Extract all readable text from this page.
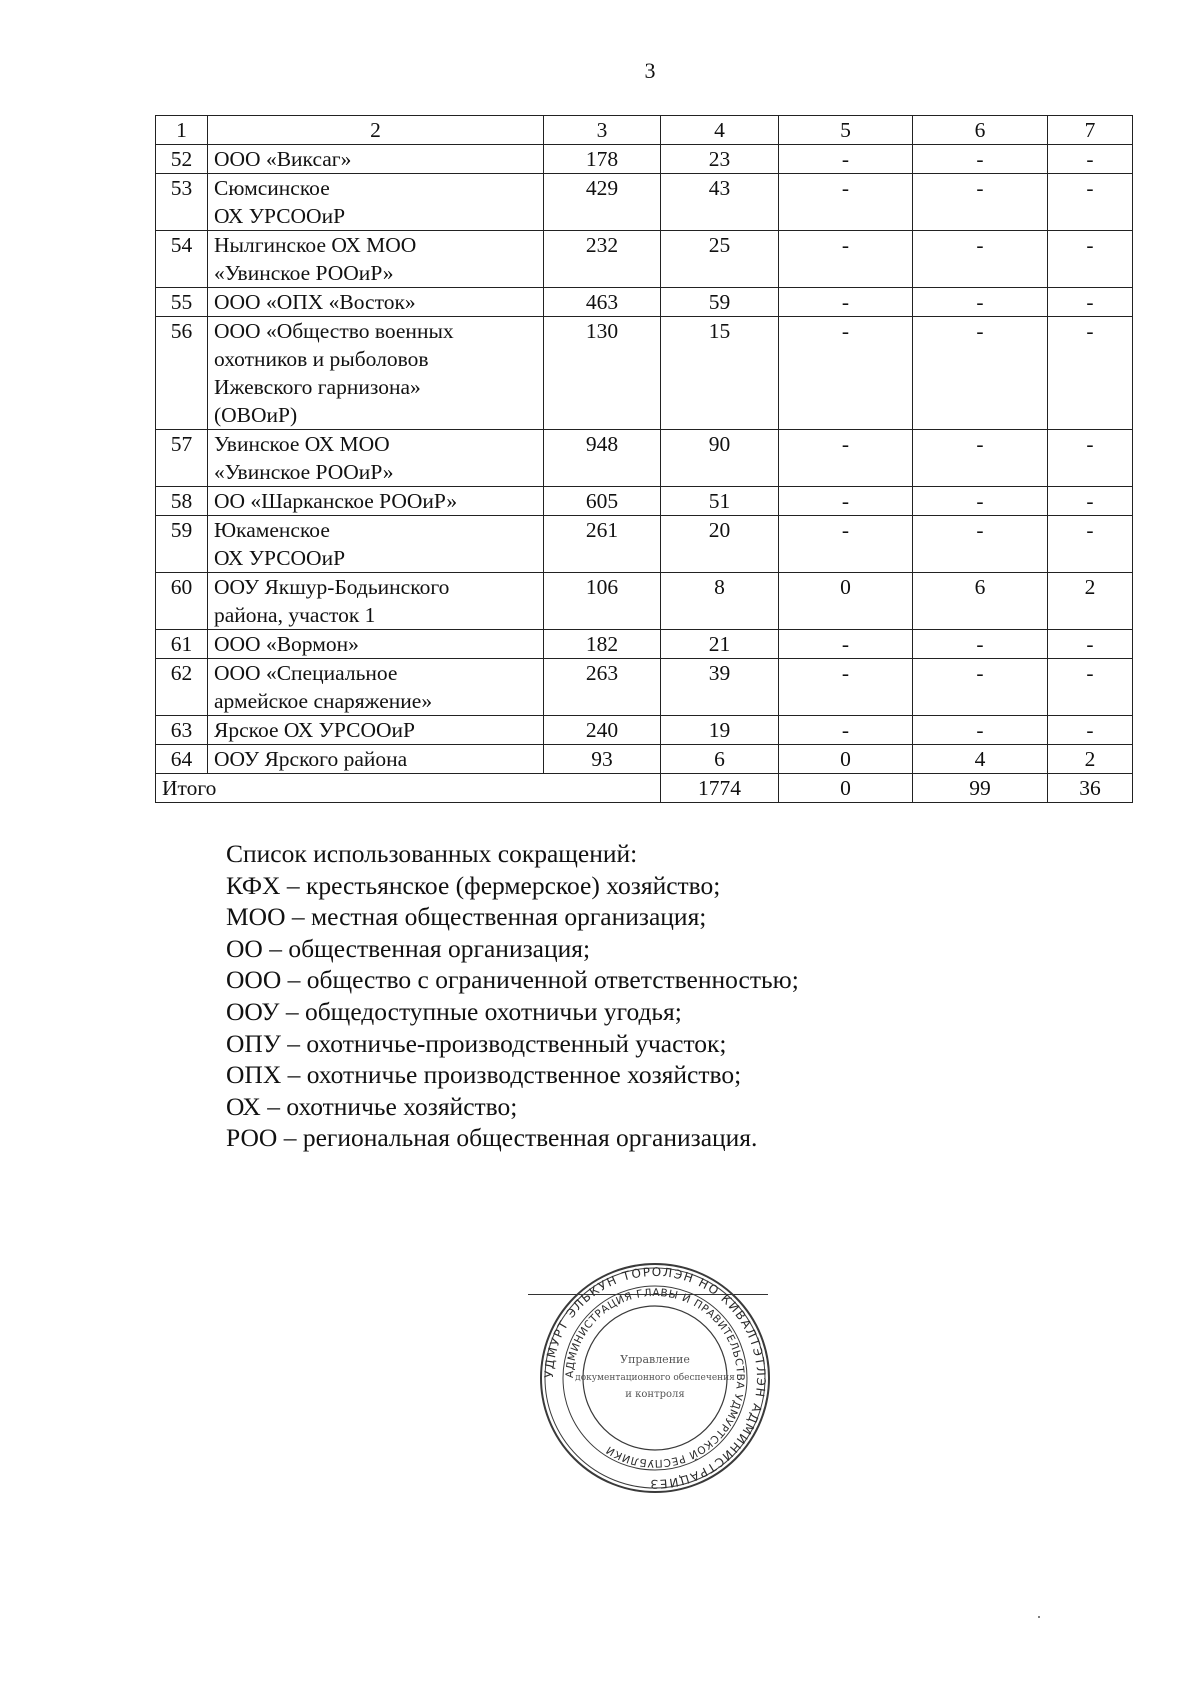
3
1	2	3	4	5	6	7
52	ООО «Виксаг»	178	23	-	-	-
53	Сюмсинское
ОХ УРСООиР	429	43	-	-	-
54	Нылгинское ОХ МОО
«Увинское РООиР»	232	25	-	-	-
55	ООО «ОПХ «Восток»	463	59	-	-	-
56	ООО «Общество военных
охотников и рыболовов
Ижевского гарнизона»
(ОВОиР)	130	15	-	-	-
57	Увинское ОХ МОО
«Увинское РООиР»	948	90	-	-	-
58	ОО «Шарканское РООиР»	605	51	-	-	-
59	Юкаменское
ОХ УРСООиР	261	20	-	-	-
60	ООУ Якшур-Бодьинского
района, участок 1	106	8	0	6	2
61	ООО «Вормон»	182	21	-	-	-
62	ООО «Специальное
армейское снаряжение»	263	39	-	-	-
63	Ярское ОХ УРСООиР	240	19	-	-	-
64	ООУ Ярского района	93	6	0	4	2
Итого			1774	0	99	36
Список использованных сокращений:
КФХ – крестьянское (фермерское) хозяйство;
МОО – местная общественная организация;
ОО – общественная организация;
ООО – общество с ограниченной ответственностью;
ООУ – общедоступные охотничьи угодья;
ОПУ – охотничье-производственный участок;
ОПХ – охотничье производственное хозяйство;
ОХ – охотничье хозяйство;
РОО – региональная общественная организация.
УДМУРТ ЭЛЬКУН ТОРОЛЭН НО КИВАЛТЭТЛЭН АДМИНИСТРАЦИЕЗ
АДМИНИСТРАЦИЯ ГЛАВЫ И ПРАВИТЕЛЬСТВА УДМУРТСКОЙ РЕСПУБЛИКИ
Управление
документационного обеспечения
и контроля
